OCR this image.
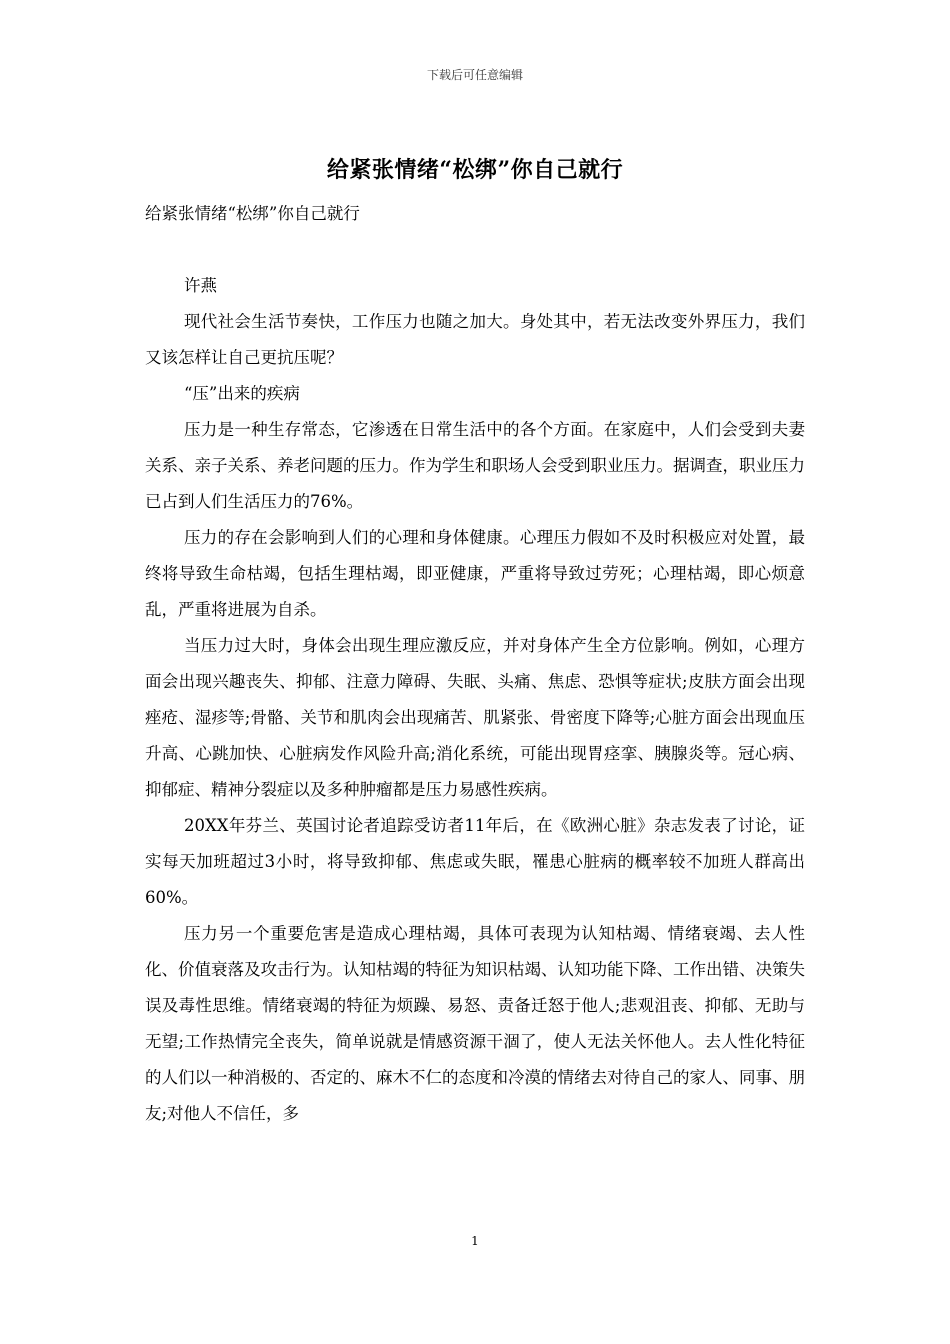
下载后可任意编辑
给紧张情绪“松绑”你自己就行

给紧张情绪“松绑”你自己就行

许燕

现代社会生活节奏快，工作压力也随之加大。身处其中，若无法改变外界压力，我们又该怎样让自己更抗压呢？

“压”出来的疾病

压力是一种生存常态，它渗透在日常生活中的各个方面。在家庭中，人们会受到夫妻关系、亲子关系、养老问题的压力。作为学生和职场人会受到职业压力。据调查，职业压力已占到人们生活压力的76%。

压力的存在会影响到人们的心理和身体健康。心理压力假如不及时积极应对处置，最终将导致生命枯竭，包括生理枯竭，即亚健康，严重将导致过劳死；心理枯竭，即心烦意乱，严重将进展为自杀。

当压力过大时，身体会出现生理应激反应，并对身体产生全方位影响。例如，心理方面会出现兴趣丧失、抑郁、注意力障碍、失眠、头痛、焦虑、恐惧等症状;皮肤方面会出现痤疮、湿疹等;骨骼、关节和肌肉会出现痛苦、肌紧张、骨密度下降等;心脏方面会出现血压升高、心跳加快、心脏病发作风险升高;消化系统，可能出现胃痉挛、胰腺炎等。冠心病、抑郁症、精神分裂症以及多种肿瘤都是压力易感性疾病。

20XX年芬兰、英国讨论者追踪受访者11年后，在《欧洲心脏》杂志发表了讨论，证实每天加班超过3小时，将导致抑郁、焦虑或失眠，罹患心脏病的概率较不加班人群高出60%。

压力另一个重要危害是造成心理枯竭，具体可表现为认知枯竭、情绪衰竭、去人性化、价值衰落及攻击行为。认知枯竭的特征为知识枯竭、认知功能下降、工作出错、决策失误及毒性思维。情绪衰竭的特征为烦躁、易怒、责备迁怒于他人;悲观沮丧、抑郁、无助与无望;工作热情完全丧失，简单说就是情感资源干涸了，使人无法关怀他人。去人性化特征的人们以一种消极的、否定的、麻木不仁的态度和冷漠的情绪去对待自己的家人、同事、朋友;对他人不信任，多

1
